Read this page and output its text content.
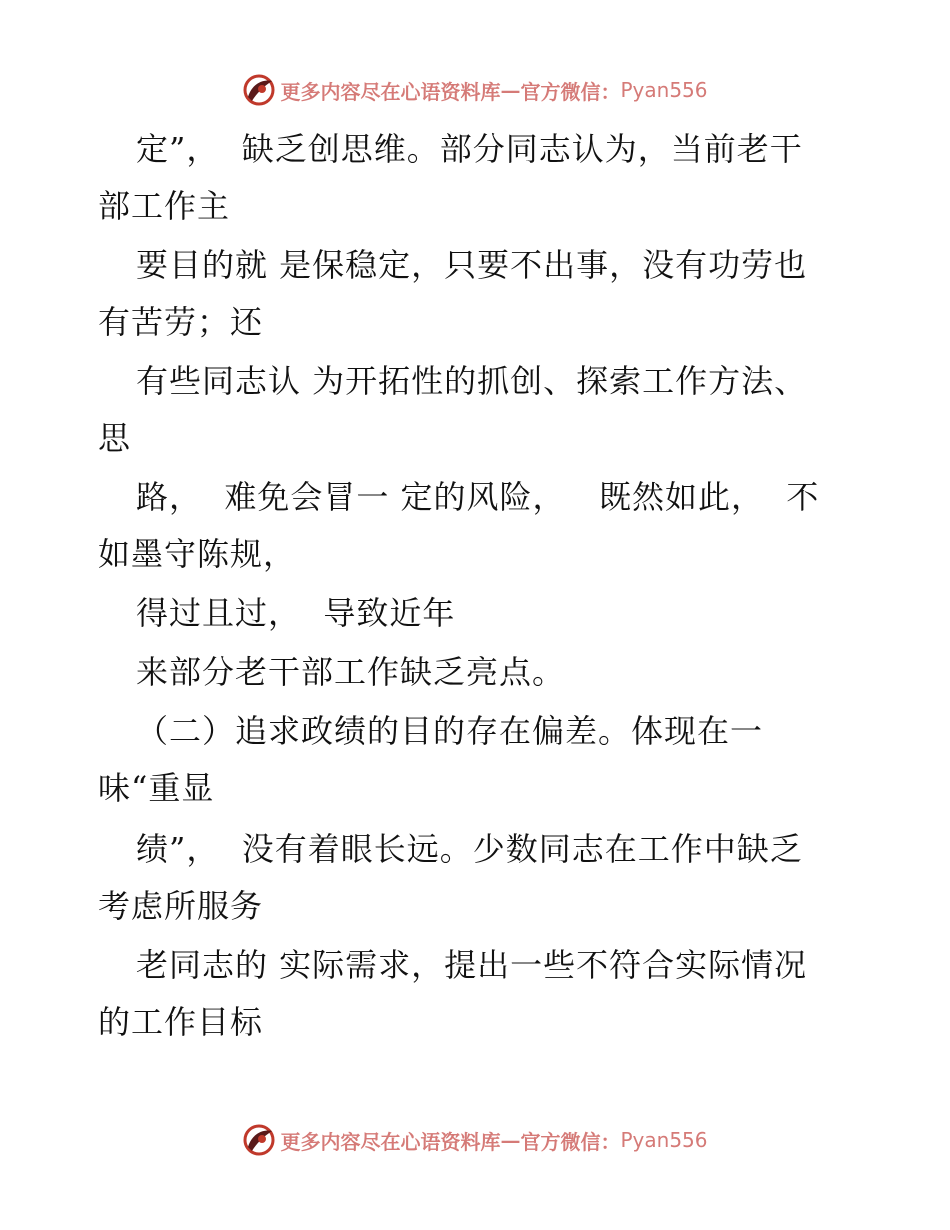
更多内容尽在心语资料库 — 官方微信： Pyan556
定”，  缺乏创思维。部分同志认为，当前老干
部工作主
要目的就 是保稳定，只要不出事，没有功劳也
有苦劳；还
有些同志认 为开拓性的抓创、探索工作方法、
思
路，  难免会冒一 定的风险，   既然如此，  不
如墨守陈规，
得过且过，  导致近年
来部分老干部工作缺乏亮点。
（二）追求政绩的目的存在偏差。体现在一
味“重显
绩”，  没有着眼长远。少数同志在工作中缺乏
考虑所服务
老同志的 实际需求，提出一些不符合实际情况
的工作目标
更多内容尽在心语资料库 — 官方微信： Pyan556
